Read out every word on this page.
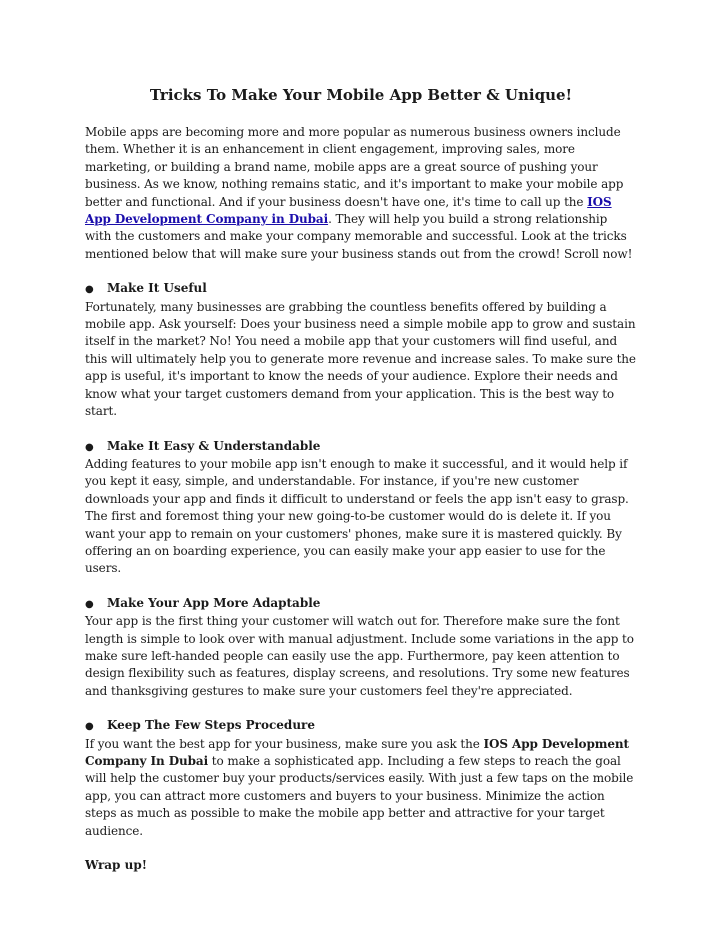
Tricks To Make Your Mobile App Better & Unique!

Mobile apps are becoming more and more popular as numerous business owners include them. Whether it is an enhancement in client engagement, improving sales, more marketing, or building a brand name, mobile apps are a great source of pushing your business. As we know, nothing remains static, and it's important to make your mobile app better and functional. And if your business doesn't have one, it's time to call up the IOS App Development Company in Dubai. They will help you build a strong relationship with the customers and make your company memorable and successful. Look at the tricks mentioned below that will make sure your business stands out from the crowd! Scroll now!

● Make It Useful

Fortunately, many businesses are grabbing the countless benefits offered by building a mobile app. Ask yourself: Does your business need a simple mobile app to grow and sustain itself in the market? No! You need a mobile app that your customers will find useful, and this will ultimately help you to generate more revenue and increase sales. To make sure the app is useful, it's important to know the needs of your audience. Explore their needs and know what your target customers demand from your application. This is the best way to start.

● Make It Easy & Understandable

Adding features to your mobile app isn't enough to make it successful, and it would help if you kept it easy, simple, and understandable. For instance, if you're new customer downloads your app and finds it difficult to understand or feels the app isn't easy to grasp. The first and foremost thing your new going-to-be customer would do is delete it. If you want your app to remain on your customers' phones, make sure it is mastered quickly. By offering an on boarding experience, you can easily make your app easier to use for the users.

● Make Your App More Adaptable

Your app is the first thing your customer will watch out for. Therefore make sure the font length is simple to look over with manual adjustment. Include some variations in the app to make sure left-handed people can easily use the app. Furthermore, pay keen attention to design flexibility such as features, display screens, and resolutions. Try some new features and thanksgiving gestures to make sure your customers feel they're appreciated.

● Keep The Few Steps Procedure

If you want the best app for your business, make sure you ask the IOS App Development Company In Dubai to make a sophisticated app. Including a few steps to reach the goal will help the customer buy your products/services easily. With just a few taps on the mobile app, you can attract more customers and buyers to your business. Minimize the action steps as much as possible to make the mobile app better and attractive for your target audience.

Wrap up!
